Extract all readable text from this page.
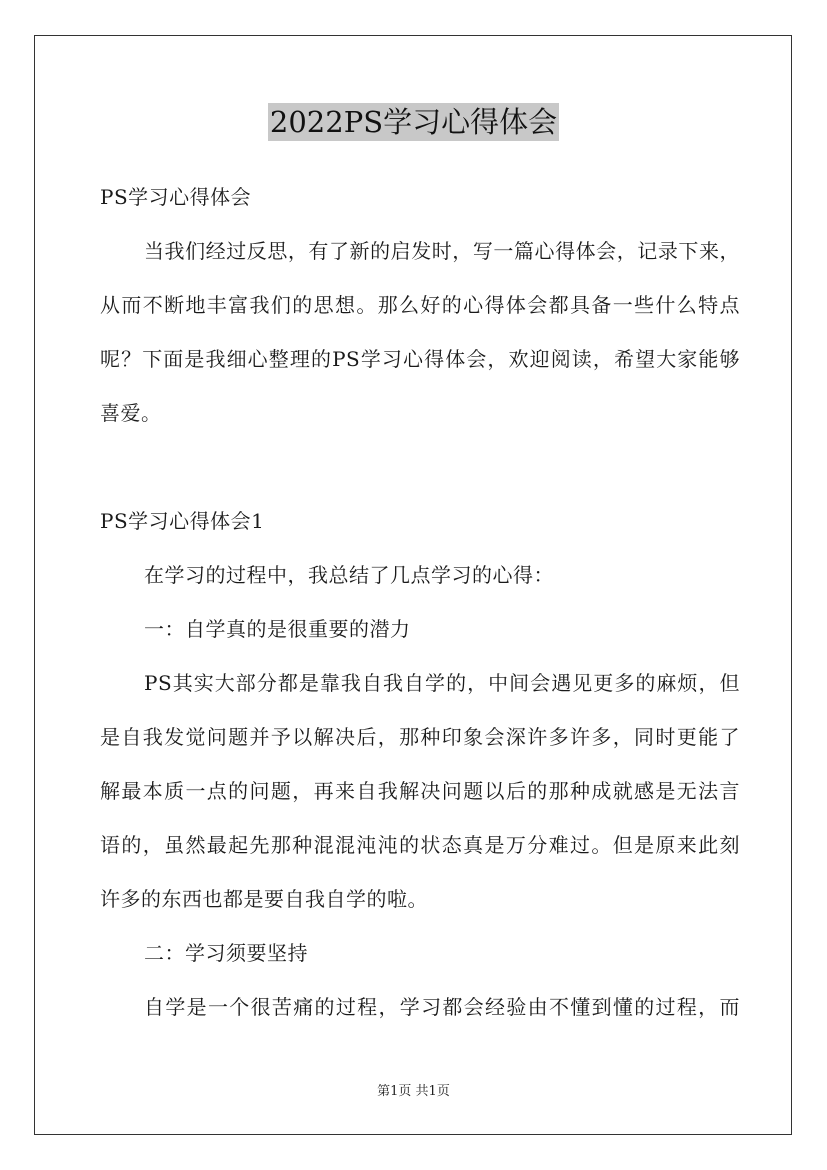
2022PS学习心得体会
PS学习心得体会
当我们经过反思，有了新的启发时，写一篇心得体会，记录下来，
从而不断地丰富我们的思想。那么好的心得体会都具备一些什么特点
呢？下面是我细心整理的PS学习心得体会，欢迎阅读，希望大家能够
喜爱。
PS学习心得体会1
在学习的过程中，我总结了几点学习的心得：
一：自学真的是很重要的潜力
PS其实大部分都是靠我自我自学的，中间会遇见更多的麻烦，但
是自我发觉问题并予以解决后，那种印象会深许多许多，同时更能了
解最本质一点的问题，再来自我解决问题以后的那种成就感是无法言
语的，虽然最起先那种混混沌沌的状态真是万分难过。但是原来此刻
许多的东西也都是要自我自学的啦。
二：学习须要坚持
自学是一个很苦痛的过程，学习都会经验由不懂到懂的过程，而
第1页 共1页
